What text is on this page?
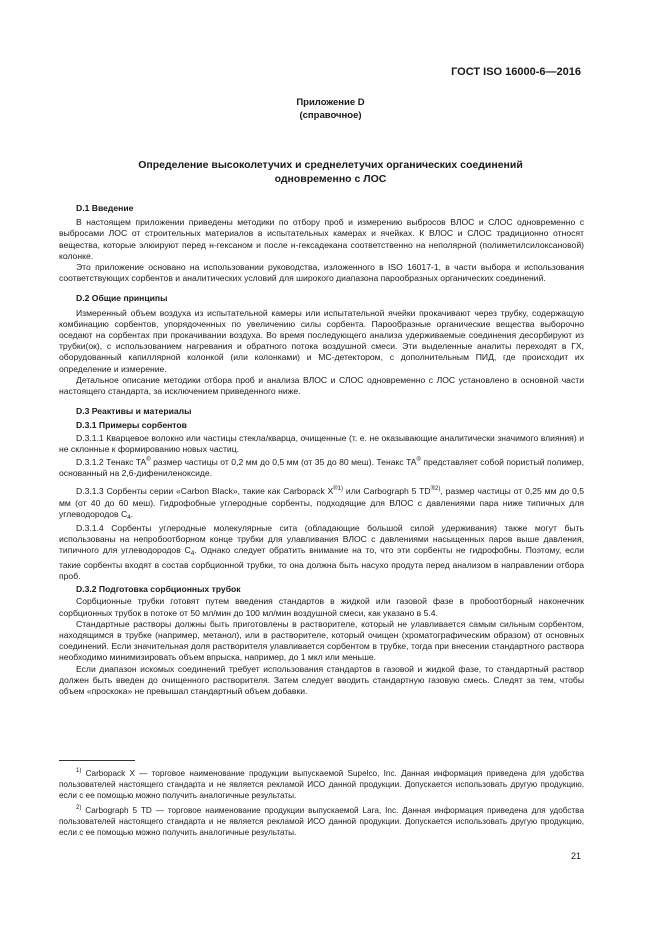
ГОСТ ISO 16000-6—2016
Приложение D
(справочное)
Определение высоколетучих и среднелетучих органических соединений
одновременно с ЛОС

D.1 Введение

В настоящем приложении приведены методики по отбору проб и измерению выбросов ВЛОС и СЛОС одновременно с выбросами ЛОС от строительных материалов в испытательных камерах и ячейках. К ВЛОС и СЛОС традиционно относят вещества, которые элюируют перед н-гексаном и после н-гексадекана соответственно на неполярной (полиметилсилоксановой) колонке.

Это приложение основано на использовании руководства, изложенного в ISO 16017-1, в части выбора и использования соответствующих сорбентов и аналитических условий для широкого диапазона парообразных органических соединений.

D.2 Общие принципы

Измеренный объем воздуха из испытательной камеры или испытательной ячейки прокачивают через трубку, содержащую комбинацию сорбентов, упорядоченных по увеличению силы сорбента. Парообразные органические вещества выборочно оседают на сорбентах при прокачивании воздуха. Во время последующего анализа удерживаемые соединения десорбируют из трубки(ок), с использованием нагревания и обратного потока воздушной смеси. Эти выделенные аналиты переходят в ГХ, оборудованный капиллярной колонкой (или колонками) и МС-детектором, с дополнительным ПИД, где происходит их определение и измерение.

Детальное описание методики отбора проб и анализа ВЛОС и СЛОС одновременно с ЛОС установлено в основной части настоящего стандарта, за исключением приведенного ниже.

D.3 Реактивы и материалы

D.3.1 Примеры сорбентов

D.3.1.1 Кварцевое волокно или частицы стекла/кварца, очищенные (т. е. не оказывающие аналитически значимого влияния) и не склонные к формированию новых частиц.

D.3.1.2 Тенакс TA® размер частицы от 0,2 мм до 0,5 мм (от 35 до 80 меш). Тенакс TA® представляет собой пористый полимер, основанный на 2,6-дифениленоксиде.

D.3.1.3 Сорбенты серии «Carbon Black», такие как Carbopack $X^{®1)}$ или Carbograph 5 $TD^{®2)}$, размер частицы от 0,25 мм до 0,5 мм (от 40 до 60 меш). Гидрофобные углеродные сорбенты, подходящие для ВЛОС с давлениями пара ниже типичных для углеводородов $C_4$.

D.3.1.4 Сорбенты углеродные молекулярные сита (обладающие большой силой удерживания) также могут быть использованы на непробоотборном конце трубки для улавливания ВЛОС с давлениями насыщенных паров выше давления, типичного для углеводородов $C_4$. Однако следует обратить внимание на то, что эти сорбенты не гидрофобны. Поэтому, если такие сорбенты входят в состав сорбционной трубки, то она должна быть насухо продута перед анализом в направлении отбора проб.

D.3.2 Подготовка сорбционных трубок

Сорбционные трубки готовят путем введения стандартов в жидкой или газовой фазе в пробоотборный наконечник сорбционных трубок в потоке от 50 мл/мин до 100 мл/мин воздушной смеси, как указано в 5.4.

Стандартные растворы должны быть приготовлены в растворителе, который не улавливается самым сильным сорбентом, находящимся в трубке (например, метанол), или в растворителе, который очищен (хроматографическим образом) от основных соединений. Если значительная доля растворителя улавливается сорбентом в трубке, тогда при внесении стандартного раствора необходимо минимизировать объем впрыска, например, до 1 мкл или меньше.

Если диапазон искомых соединений требует использования стандартов в газовой и жидкой фазе, то стандартный раствор должен быть введен до очищенного растворителя. Затем следует вводить стандартную газовую смесь. Следят за тем, чтобы объем «проскока» не превышал стандартный объем добавки.

$^{1)}$ Carbopack X — торговое наименование продукции выпускаемой Supelco, Inc. Данная информация приведена для удобства пользователей настоящего стандарта и не является рекламой ИСО данной продукции. Допускается использовать другую продукцию, если с ее помощью можно получить аналогичные результаты.

$^{2)}$ Carbograph 5 TD — торговое наименование продукции выпускаемой Lara, Inc. Данная информация приведена для удобства пользователей настоящего стандарта и не является рекламой ИСО данной продукции. Допускается использовать другую продукцию, если с ее помощью можно получить аналогичные результаты.

21
